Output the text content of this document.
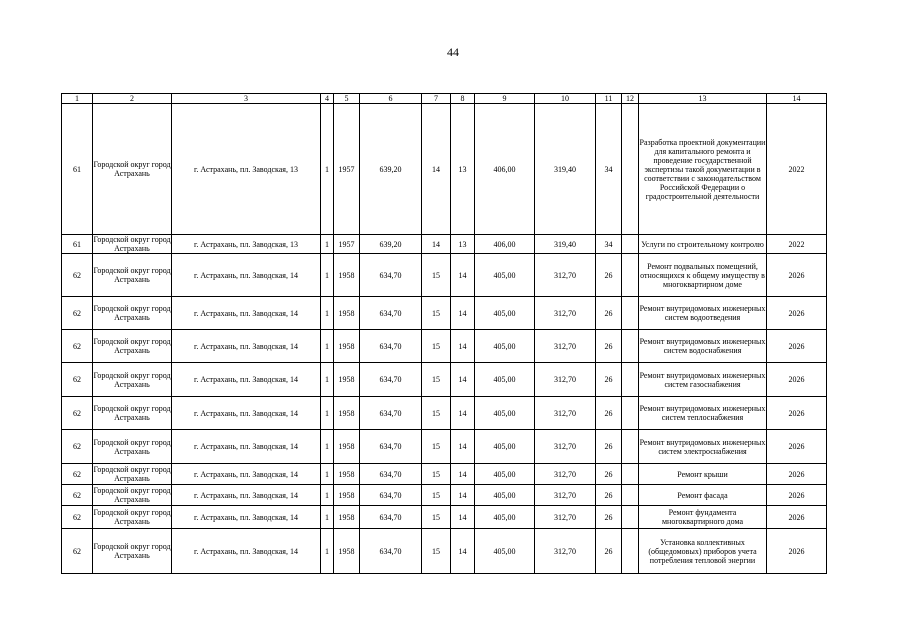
44
1	2	3	4	5	6	7	8	9	10	11	12	13	14
61	Городской округ город Астрахань	г. Астрахань, пл. Заводская, 13	1	1957	639,20	14	13	406,00	319,40	34		Разработка проектной документации для капитального ремонта и проведение государственной экспертизы такой документации в соответствии с законодательством Российской Федерации о градостроительной деятельности	2022
61	Городской округ город Астрахань	г. Астрахань, пл. Заводская, 13	1	1957	639,20	14	13	406,00	319,40	34		Услуги по строительному контролю	2022
62	Городской округ город Астрахань	г. Астрахань, пл. Заводская, 14	1	1958	634,70	15	14	405,00	312,70	26		Ремонт подвальных помещений, относящихся к общему имуществу в многоквартирном доме	2026
62	Городской округ город Астрахань	г. Астрахань, пл. Заводская, 14	1	1958	634,70	15	14	405,00	312,70	26		Ремонт внутридомовых инженерных систем водоотведения	2026
62	Городской округ город Астрахань	г. Астрахань, пл. Заводская, 14	1	1958	634,70	15	14	405,00	312,70	26		Ремонт внутридомовых инженерных систем водоснабжения	2026
62	Городской округ город Астрахань	г. Астрахань, пл. Заводская, 14	1	1958	634,70	15	14	405,00	312,70	26		Ремонт внутридомовых инженерных систем газоснабжения	2026
62	Городской округ город Астрахань	г. Астрахань, пл. Заводская, 14	1	1958	634,70	15	14	405,00	312,70	26		Ремонт внутридомовых инженерных систем теплоснабжения	2026
62	Городской округ город Астрахань	г. Астрахань, пл. Заводская, 14	1	1958	634,70	15	14	405,00	312,70	26		Ремонт внутридомовых инженерных систем электроснабжения	2026
62	Городской округ город Астрахань	г. Астрахань, пл. Заводская, 14	1	1958	634,70	15	14	405,00	312,70	26		Ремонт крыши	2026
62	Городской округ город Астрахань	г. Астрахань, пл. Заводская, 14	1	1958	634,70	15	14	405,00	312,70	26		Ремонт фасада	2026
62	Городской округ город Астрахань	г. Астрахань, пл. Заводская, 14	1	1958	634,70	15	14	405,00	312,70	26		Ремонт фундамента многоквартирного дома	2026
62	Городской округ город Астрахань	г. Астрахань, пл. Заводская, 14	1	1958	634,70	15	14	405,00	312,70	26		Установка коллективных (общедомовых) приборов учета потребления тепловой энергии	2026
